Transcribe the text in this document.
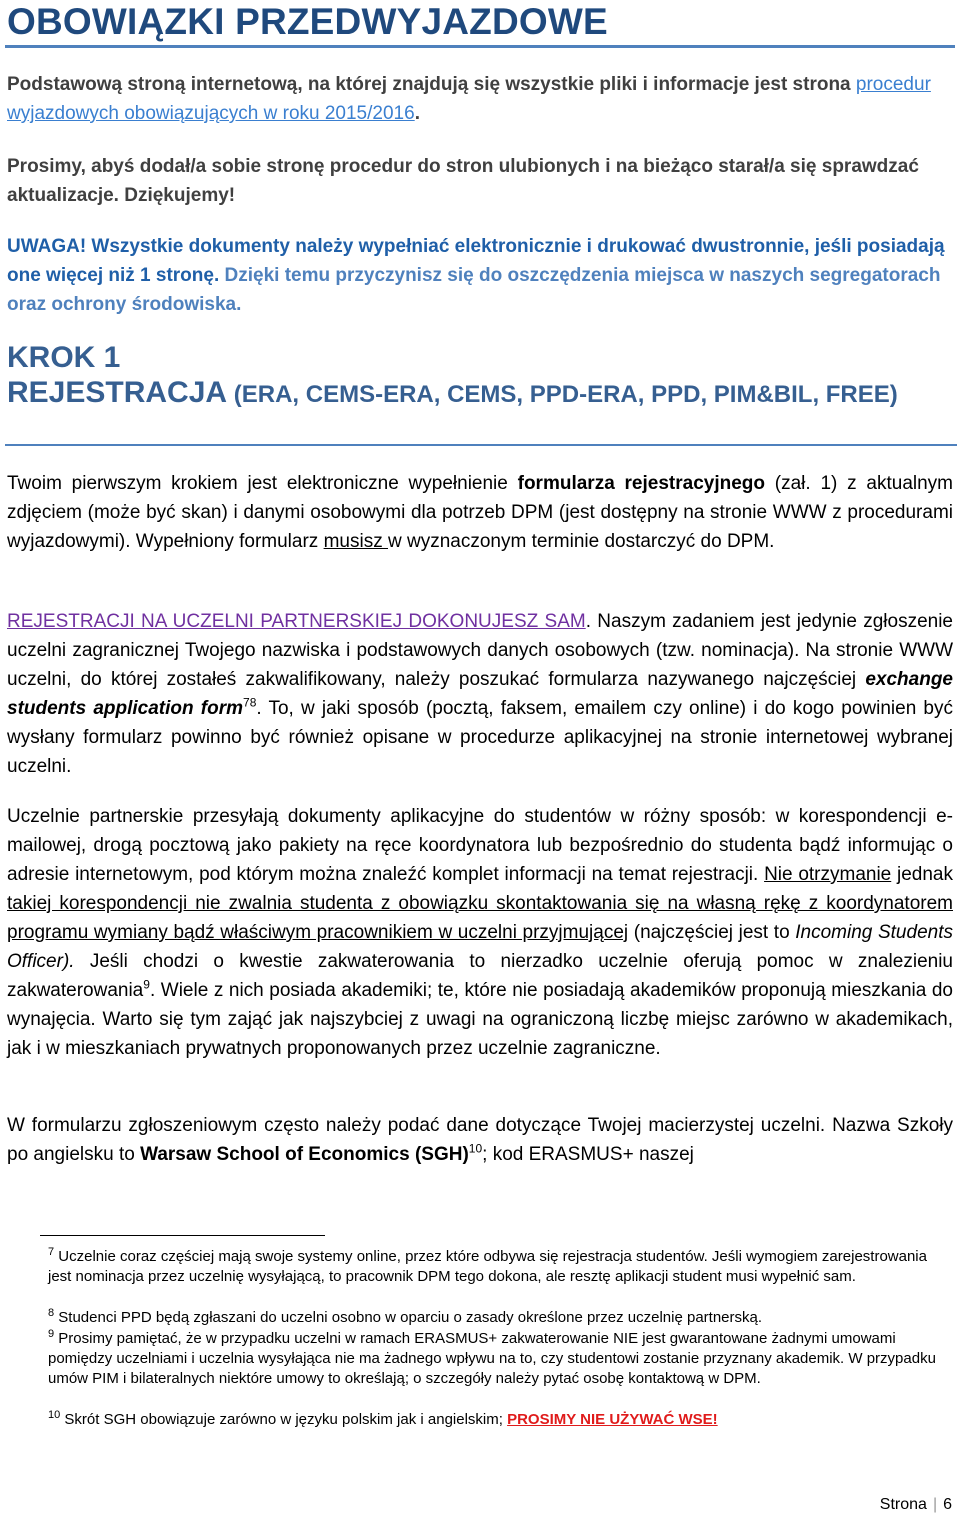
OBOWIĄZKI PRZEDWYJAZDOWE

Podstawową stroną internetową, na której znajdują się wszystkie pliki i informacje jest strona procedur wyjazdowych obowiązujących w roku 2015/2016.

Prosimy, abyś dodał/a sobie stronę procedur do stron ulubionych i na bieżąco starał/a się sprawdzać aktualizacje. Dziękujemy!

UWAGA! Wszystkie dokumenty należy wypełniać elektronicznie i drukować dwustronnie, jeśli posiadają one więcej niż 1 stronę. Dzięki temu przyczynisz się do oszczędzenia miejsca w naszych segregatorach oraz ochrony środowiska.

KROK 1
REJESTRACJA (ERA, CEMS-ERA, CEMS, PPD-ERA, PPD, PIM&BIL, FREE)

Twoim pierwszym krokiem jest elektroniczne wypełnienie formularza rejestracyjnego (zał. 1) z aktualnym zdjęciem (może być skan) i danymi osobowymi dla potrzeb DPM (jest dostępny na stronie WWW z procedurami wyjazdowymi). Wypełniony formularz musisz w wyznaczonym terminie dostarczyć do DPM.

REJESTRACJI NA UCZELNI PARTNERSKIEJ DOKONUJESZ SAM. Naszym zadaniem jest jedynie zgłoszenie uczelni zagranicznej Twojego nazwiska i podstawowych danych osobowych (tzw. nominacja). Na stronie WWW uczelni, do której zostałeś zakwalifikowany, należy poszukać formularza nazywanego najczęściej exchange students application form$^{78}$. To, w jaki sposób (pocztą, faksem, emailem czy online) i do kogo powinien być wysłany formularz powinno być również opisane w procedurze aplikacyjnej na stronie internetowej wybranej uczelni.

Uczelnie partnerskie przesyłają dokumenty aplikacyjne do studentów w różny sposób: w korespondencji e-mailowej, drogą pocztową jako pakiety na ręce koordynatora lub bezpośrednio do studenta bądź informując o adresie internetowym, pod którym można znaleźć komplet informacji na temat rejestracji. Nie otrzymanie jednak takiej korespondencji nie zwalnia studenta z obowiązku skontaktowania się na własną rękę z koordynatorem programu wymiany bądź właściwym pracownikiem w uczelni przyjmującej (najczęściej jest to Incoming Students Officer). Jeśli chodzi o kwestie zakwaterowania to nierzadko uczelnie oferują pomoc w znalezieniu zakwaterowania$^9$. Wiele z nich posiada akademiki; te, które nie posiadają akademików proponują mieszkania do wynajęcia. Warto się tym zająć jak najszybciej z uwagi na ograniczoną liczbę miejsc zarówno w akademikach, jak i w mieszkaniach prywatnych proponowanych przez uczelnie zagraniczne.

W formularzu zgłoszeniowym często należy podać dane dotyczące Twojej macierzystej uczelni. Nazwa Szkoły po angielsku to Warsaw School of Economics (SGH)$^{10}$; kod ERASMUS+ naszej

$^7$ Uczelnie coraz częściej mają swoje systemy online, przez które odbywa się rejestracja studentów. Jeśli wymogiem zarejestrowania jest nominacja przez uczelnię wysyłającą, to pracownik DPM tego dokona, ale resztę aplikacji student musi wypełnić sam.

$^8$ Studenci PPD będą zgłaszani do uczelni osobno w oparciu o zasady określone przez uczelnię partnerską.

$^9$ Prosimy pamiętać, że w przypadku uczelni w ramach ERASMUS+ zakwaterowanie NIE jest gwarantowane żadnymi umowami pomiędzy uczelniami i uczelnia wysyłająca nie ma żadnego wpływu na to, czy studentowi zostanie przyznany akademik. W przypadku umów PIM i bilateralnych niektóre umowy to określają; o szczegóły należy pytać osobę kontaktową w DPM.

$^{10}$ Skrót SGH obowiązuje zarówno w języku polskim jak i angielskim; PROSIMY NIE UŻYWAĆ WSE!

Strona | 6
